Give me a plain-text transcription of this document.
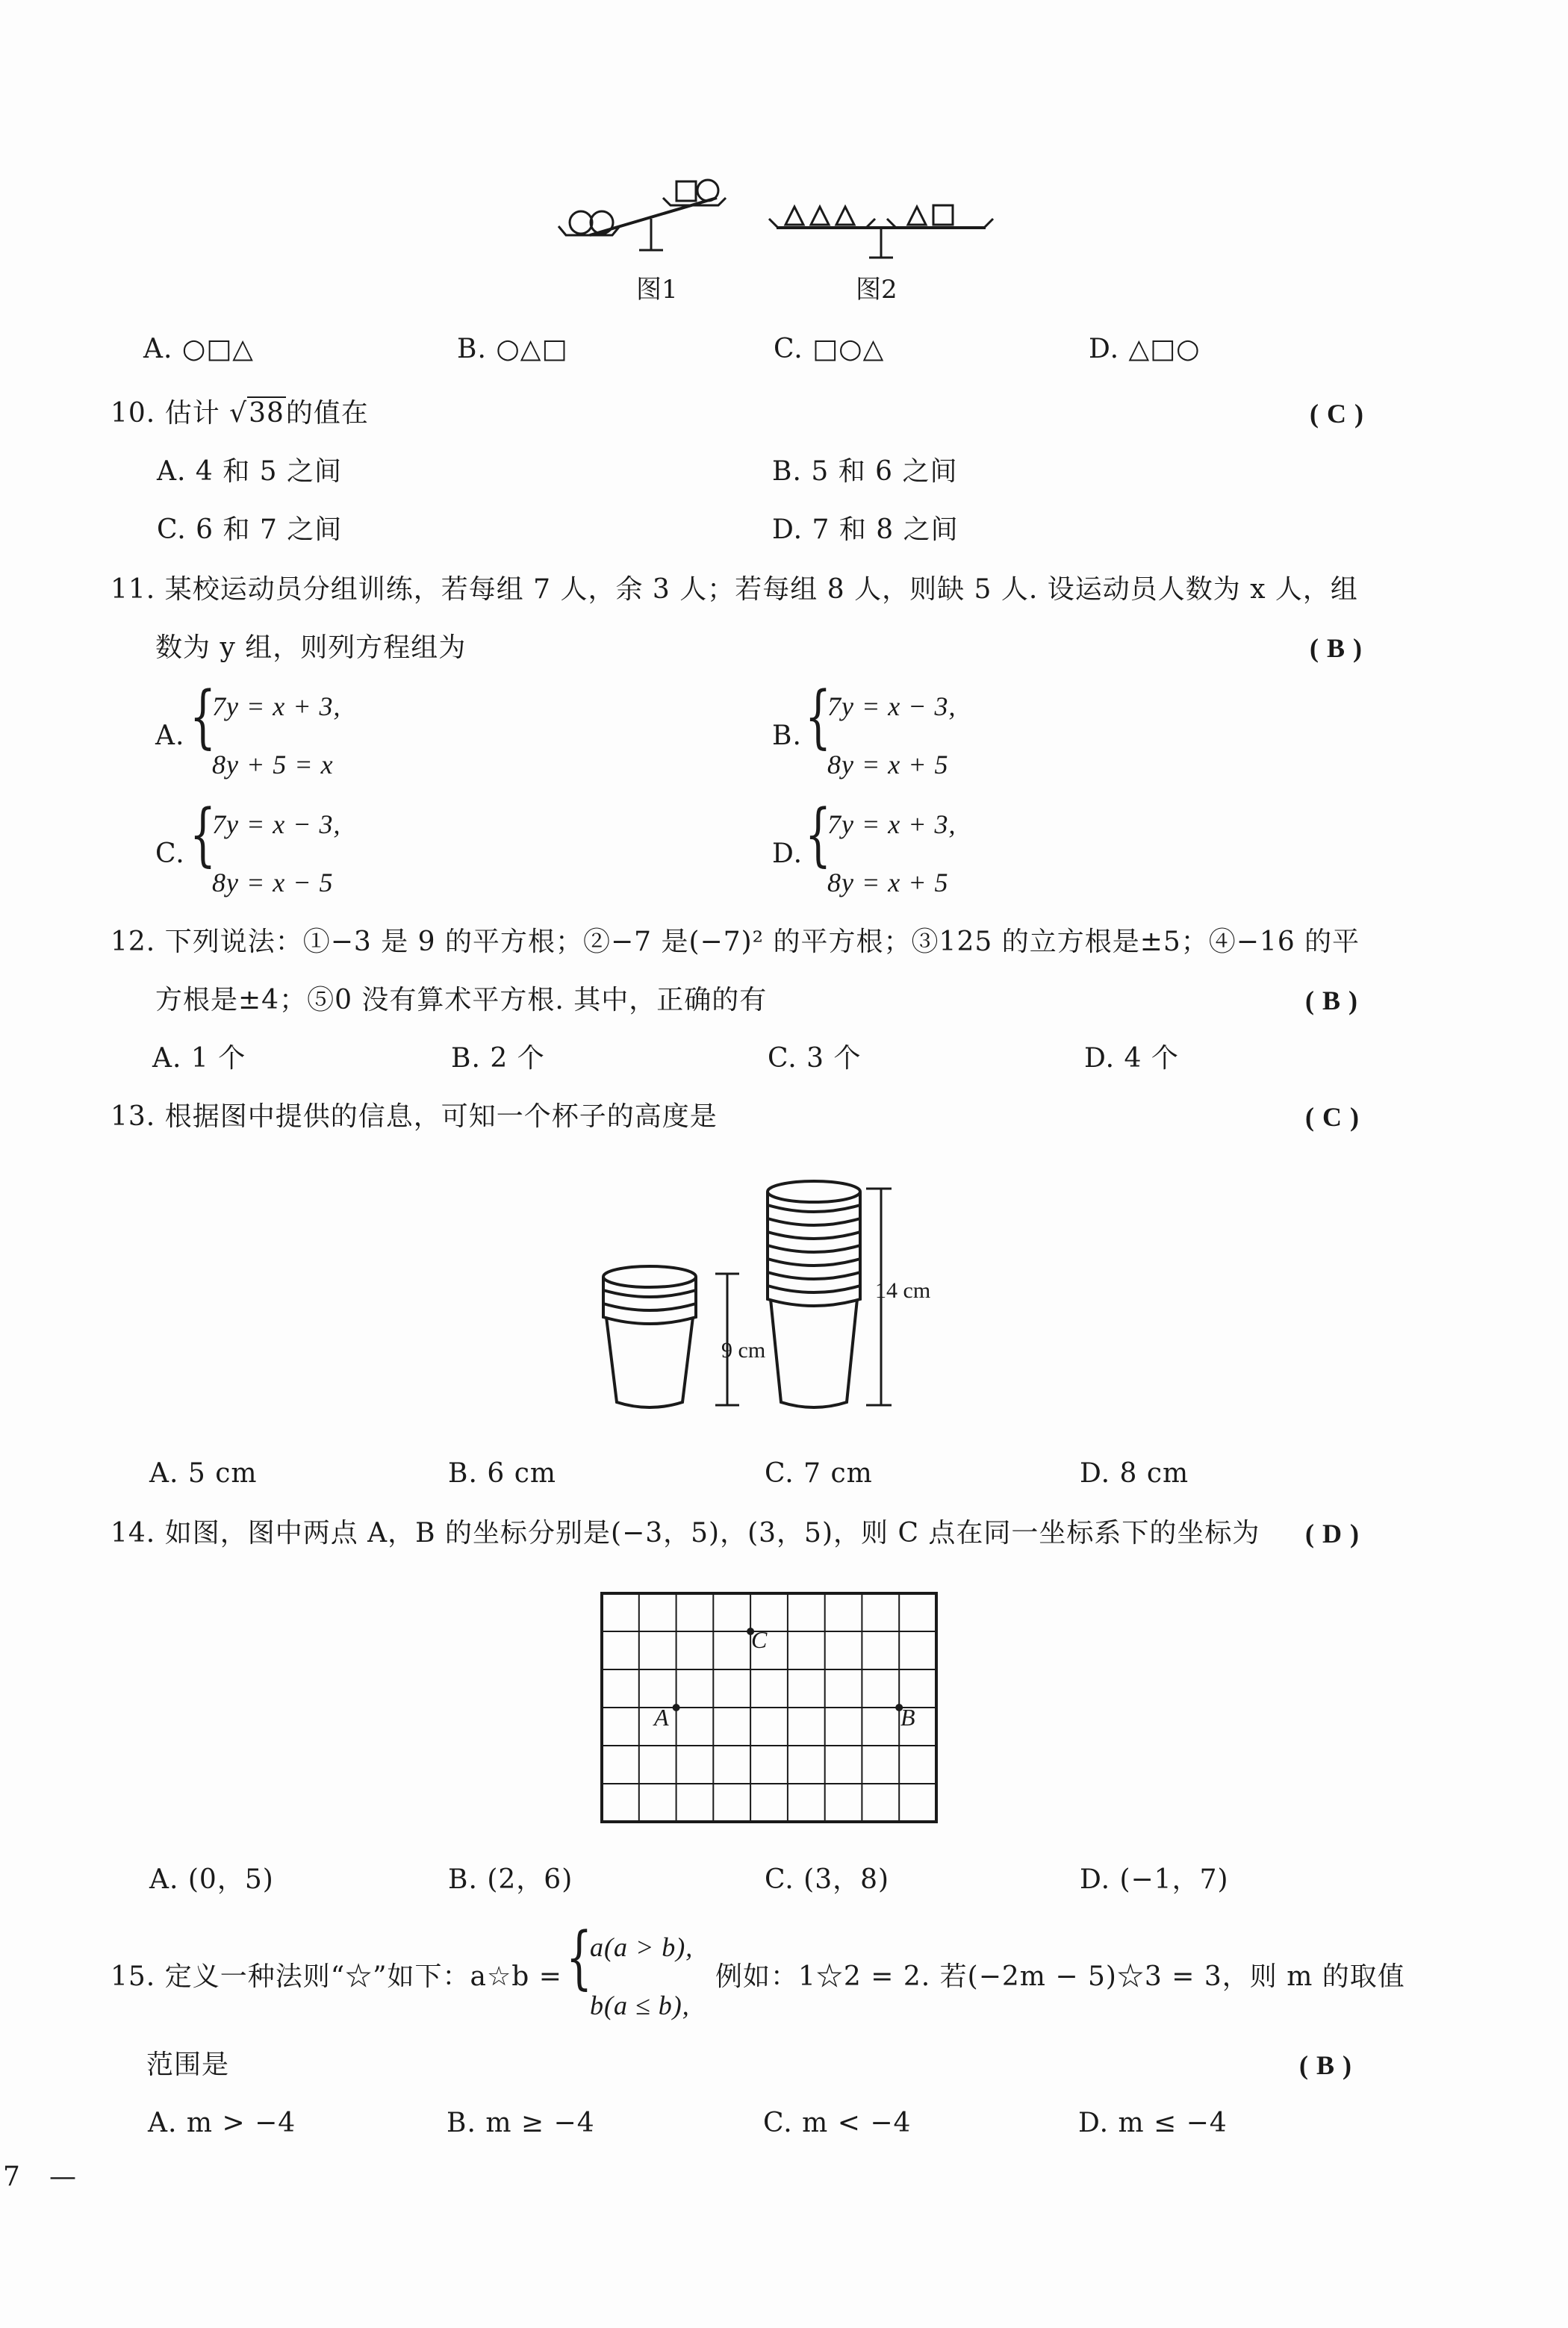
图1	图2
A. ○□△	B. ○△□	C. □○△	D. △□○
10. 估计 √38的值在	( C )
A. 4 和 5 之间	B. 5 和 6 之间
C. 6 和 7 之间	D. 7 和 8 之间
11. 某校运动员分组训练，若每组 7 人，余 3 人；若每组 8 人，则缺 5 人. 设运动员人数为 x 人，组
数为 y 组，则列方程组为	( B )
A. {
7y = x + 3,
8y + 5 = x
B. {
7y = x − 3,
8y = x + 5
C. {
7y = x − 3,
8y = x − 5
D. {
7y = x + 3,
8y = x + 5
12. 下列说法：①−3 是 9 的平方根；②−7 是(−7)² 的平方根；③125 的立方根是±5；④−16 的平
方根是±4；⑤0 没有算术平方根. 其中，正确的有	( B )
A. 1 个	B. 2 个	C. 3 个	D. 4 个
13. 根据图中提供的信息，可知一个杯子的高度是	( C )
9 cm
14 cm
A. 5 cm	B. 6 cm	C. 7 cm	D. 8 cm
14. 如图，图中两点 A，B 的坐标分别是(−3，5)，(3，5)，则 C 点在同一坐标系下的坐标为 ( D )
A	B
C
A. (0，5)	B. (2，6)	C. (3，8)	D. (−1，7)
15. 定义一种法则“☆”如下：a☆b = {
a(a > b),
b(a ≤ b),
例如：1☆2 = 2. 若(−2m − 5)☆3 = 3，则 m 的取值
范围是	( B )
A. m > −4	B. m ≥ −4	C. m < −4	D. m ≤ −4
7 —
